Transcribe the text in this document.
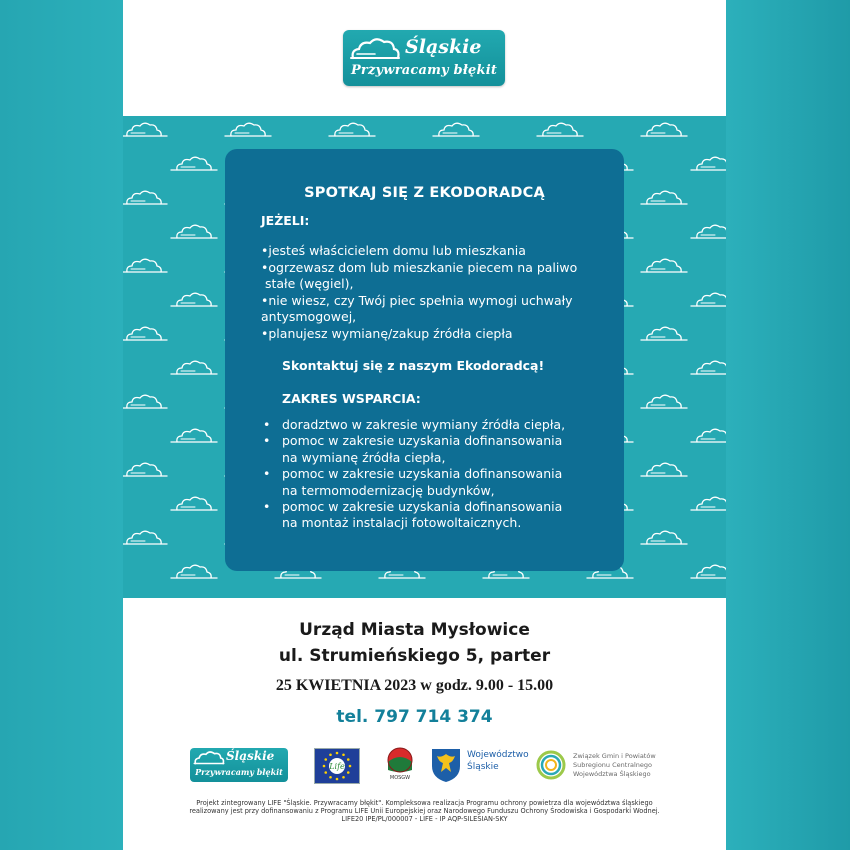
Śląskie
Przywracamy błękit
SPOTKAJ SIĘ Z EKODORADCĄ
JEŻELI:
•jesteś właścicielem domu lub mieszkania
•ogrzewasz dom lub mieszkanie piecem na paliwo
stałe (węgiel),
•nie wiesz, czy Twój piec spełnia wymogi uchwały
antysmogowej,
•planujesz wymianę/zakup źródła ciepła
Skontaktuj się z naszym Ekodoradcą!
ZAKRES WSPARCIA:
• doradztwo w zakresie wymiany źródła ciepła,
• pomoc w zakresie uzyskania dofinansowania
na wymianę źródła ciepła,
• pomoc w zakresie uzyskania dofinansowania
na termomodernizację budynków,
• pomoc w zakresie uzyskania dofinansowania
na montaż instalacji fotowoltaicznych.
Urząd Miasta Mysłowice
ul. Strumieńskiego 5, parter
25 KWIETNIA 2023 w godz. 9.00 - 15.00
tel. 797 714 374
Śląskie
Przywracamy błękit
Life
MOSGW
Województwo
Śląskie
Związek Gmin i Powiatów
Subregionu Centralnego
Województwa Śląskiego
Projekt zintegrowany LIFE "Śląskie. Przywracamy błękit". Kompleksowa realizacja Programu ochrony powietrza dla województwa śląskiego
realizowany jest przy dofinansowaniu z Programu LIFE Unii Europejskiej oraz Narodowego Funduszu Ochrony Środowiska i Gospodarki Wodnej.
LIFE20 IPE/PL/000007 - LIFE - IP AQP-SILESIAN-SKY
